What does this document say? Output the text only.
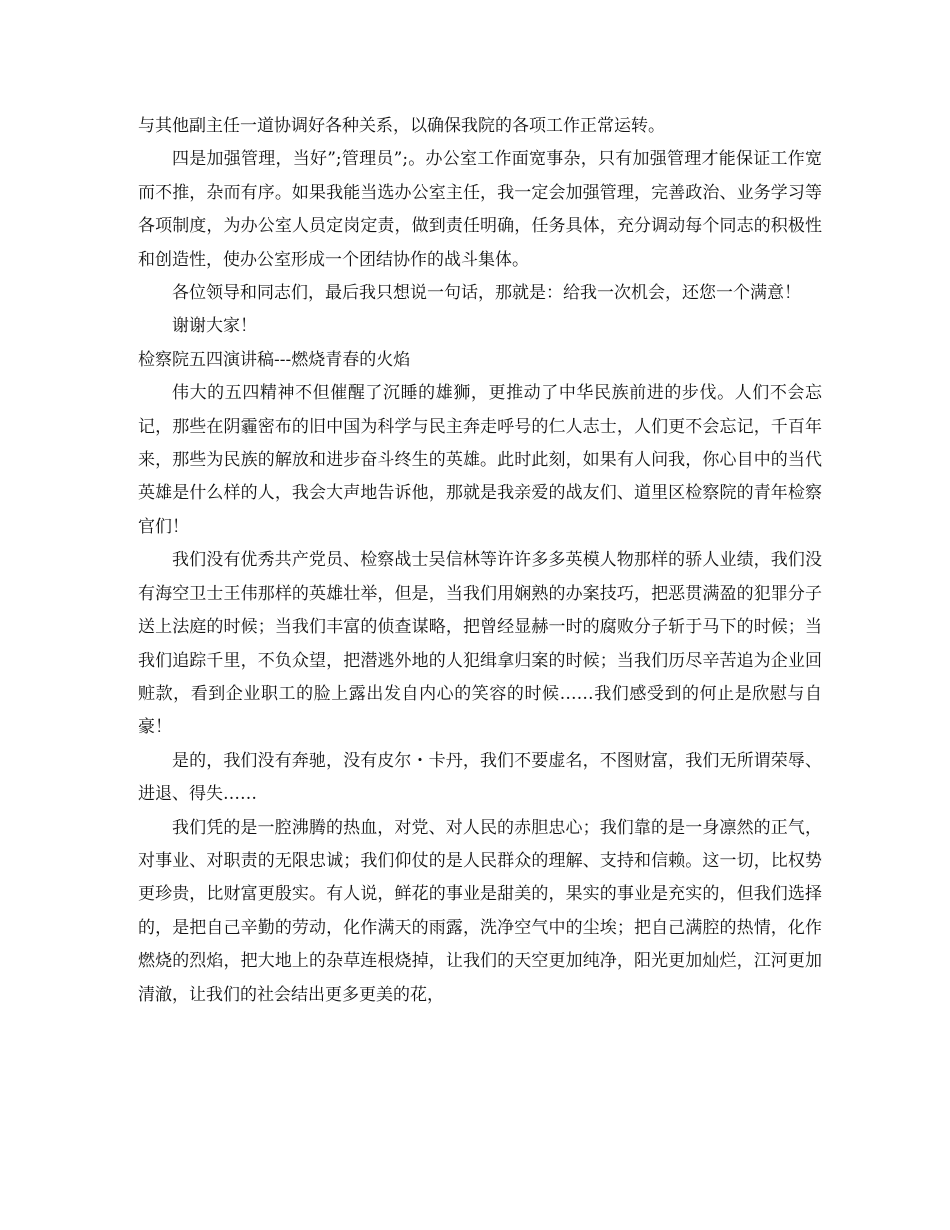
与其他副主任一道协调好各种关系，以确保我院的各项工作正常运转。

四是加强管理，当好”;管理员”;。办公室工作面宽事杂，只有加强管理才能保证工作宽而不推，杂而有序。如果我能当选办公室主任，我一定会加强管理，完善政治、业务学习等各项制度，为办公室人员定岗定责，做到责任明确，任务具体，充分调动每个同志的积极性和创造性，使办公室形成一个团结协作的战斗集体。

各位领导和同志们，最后我只想说一句话，那就是：给我一次机会，还您一个满意！

谢谢大家！

检察院五四演讲稿---燃烧青春的火焰

伟大的五四精神不但催醒了沉睡的雄狮，更推动了中华民族前进的步伐。人们不会忘记，那些在阴霾密布的旧中国为科学与民主奔走呼号的仁人志士，人们更不会忘记，千百年来，那些为民族的解放和进步奋斗终生的英雄。此时此刻，如果有人问我，你心目中的当代英雄是什么样的人，我会大声地告诉他，那就是我亲爱的战友们、道里区检察院的青年检察官们！

我们没有优秀共产党员、检察战士吴信林等许许多多英模人物那样的骄人业绩，我们没有海空卫士王伟那样的英雄壮举，但是，当我们用娴熟的办案技巧，把恶贯满盈的犯罪分子送上法庭的时候；当我们丰富的侦查谋略，把曾经显赫一时的腐败分子斩于马下的时候；当我们追踪千里，不负众望，把潜逃外地的人犯缉拿归案的时候；当我们历尽辛苦追为企业回赃款，看到企业职工的脸上露出发自内心的笑容的时候……我们感受到的何止是欣慰与自豪！

是的，我们没有奔驰，没有皮尔・卡丹，我们不要虚名，不图财富，我们无所谓荣辱、进退、得失……

我们凭的是一腔沸腾的热血，对党、对人民的赤胆忠心；我们靠的是一身凛然的正气，对事业、对职责的无限忠诚；我们仰仗的是人民群众的理解、支持和信赖。这一切，比权势更珍贵，比财富更殷实。有人说，鲜花的事业是甜美的，果实的事业是充实的，但我们选择的，是把自己辛勤的劳动，化作满天的雨露，洗净空气中的尘埃；把自己满腔的热情，化作燃烧的烈焰，把大地上的杂草连根烧掉，让我们的天空更加纯净，阳光更加灿烂，江河更加清澈，让我们的社会结出更多更美的花，
